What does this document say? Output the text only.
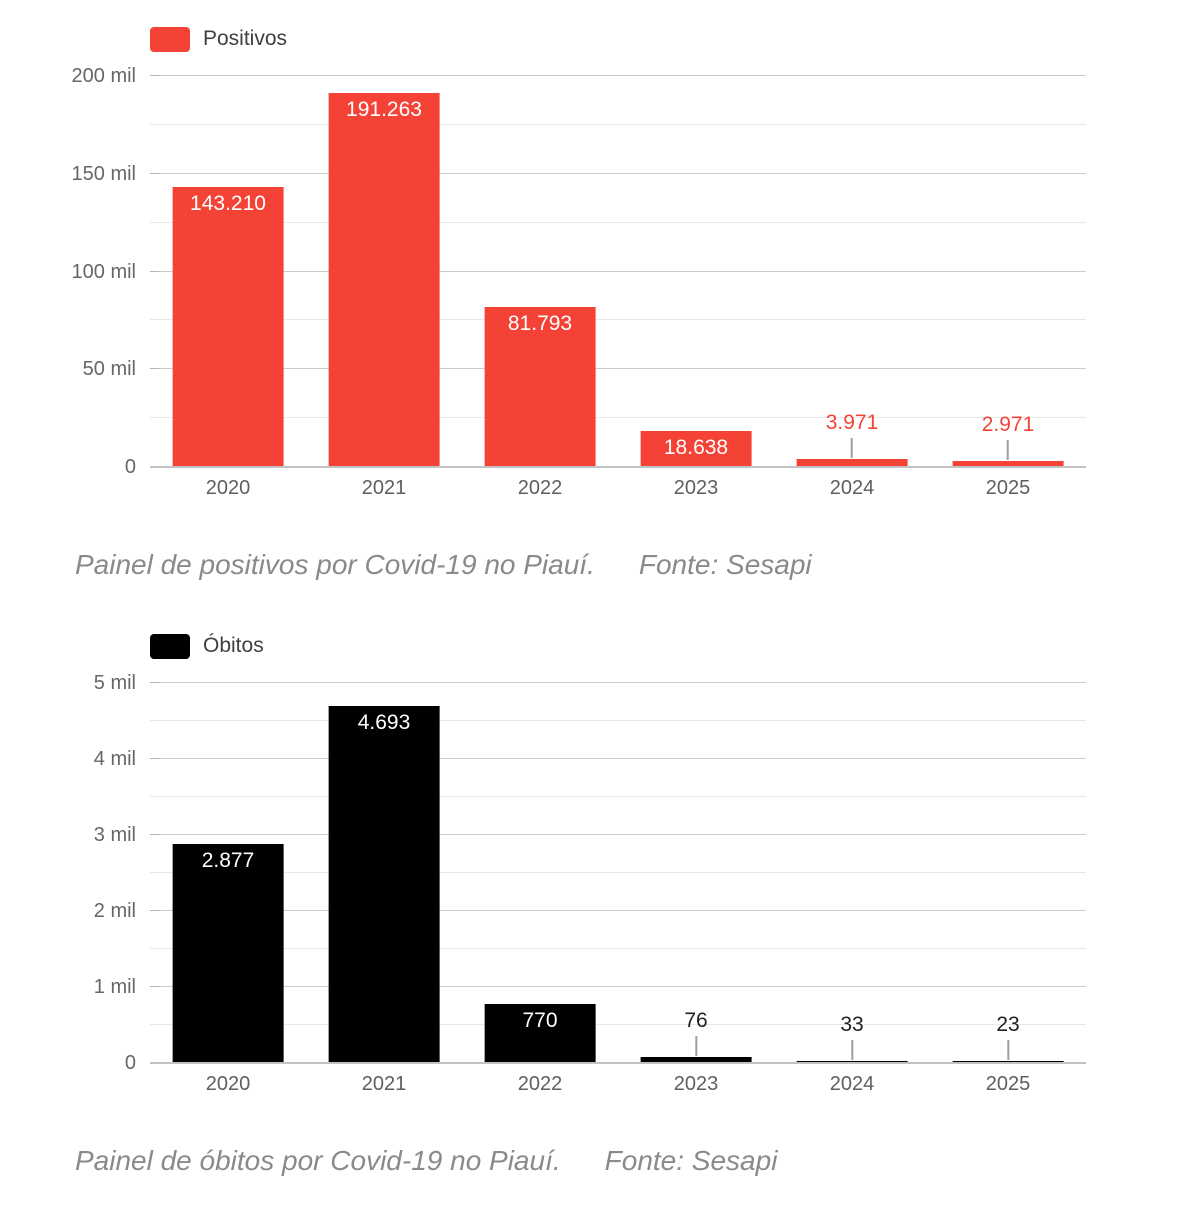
Positivos
0
50 mil
100 mil
150 mil
200 mil
143.210
191.263
81.793
18.638
3.971	2.971
2020	2021	2022	2023	2024	2025
Painel de positivos por Covid-19 no Piauí. Fonte: Sesapi
Óbitos
0
1 mil
2 mil
3 mil
4 mil
5 mil
2.877
4.693
770	76	33	23
2020	2021	2022	2023	2024	2025
Painel de óbitos por Covid-19 no Piauí. Fonte: Sesapi
